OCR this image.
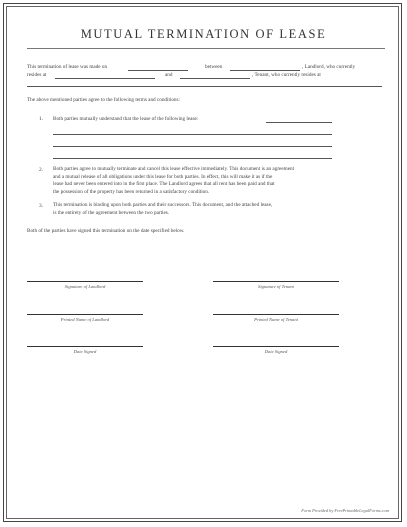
MUTUAL TERMINATION OF LEASE
This termination of lease was made on	between	, Landlord, who currently
resides at	and	, Tenant, who currently resides at
The above mentioned parties agree to the following terms and conditions:
1. Both parties mutually understand that the lease of the following lease:
2. Both parties agree to mutually terminate and cancel this lease effective immediately. This document is an agreement
and a mutual release of all obligations under this lease for both parties. In effect, this will make it as if the
lease had never been entered into in the first place. The Landlord agrees that all rent has been paid and that
the possession of the property has been returned in a satisfactory condition.
3. This termination is binding upon both parties and their successors. This document, and the attached lease,
is the entirety of the agreement between the two parties.
Both of the parties have signed this termination on the date specified below.
Signature of Landlord	Signature of Tenant
Printed Name of Landlord	Printed Name of Tenant
Date Signed	Date Signed
Form Provided by FreePrintableLegalForms.com
